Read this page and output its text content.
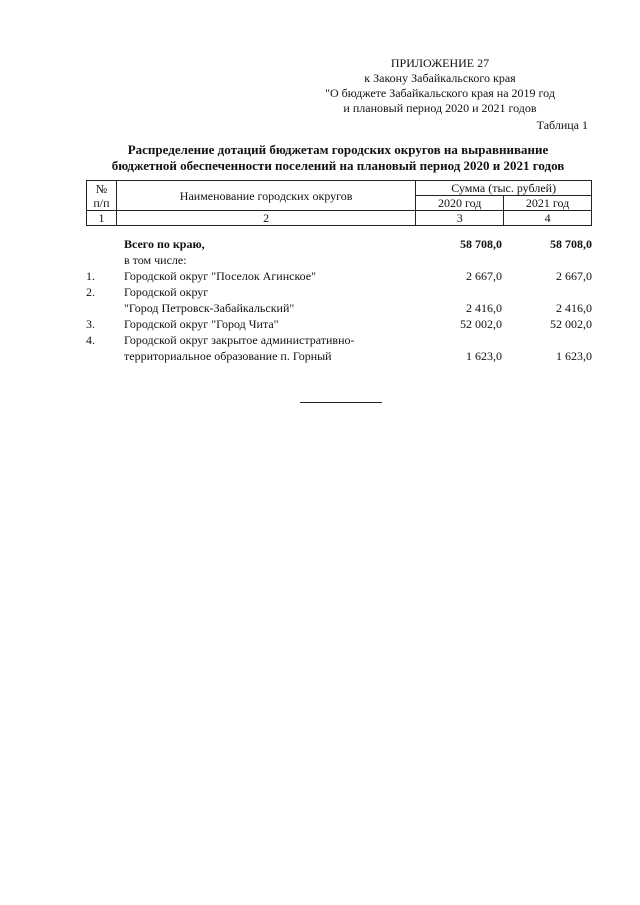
ПРИЛОЖЕНИЕ 27
к Закону Забайкальского края
"О бюджете Забайкальского края на 2019 год
и плановый период 2020 и 2021 годов
Таблица 1
Распределение дотаций бюджетам городских округов на выравнивание
бюджетной обеспеченности поселений на плановый период 2020 и 2021 годов
№
п/п	Наименование городских округов	Сумма (тыс. рублей)	
		2020 год	2021 год
1	2	3	4
Всего по краю,	58 708,0	58 708,0
в том числе:
1.	Городской округ "Поселок Агинское"	2 667,0	2 667,0
2.	Городской округ
"Город Петровск-Забайкальский"	2 416,0	2 416,0
3.	Городской округ "Город Чита"	52 002,0	52 002,0
4.	Городской округ закрытое административно-
территориальное образование п. Горный	1 623,0	1 623,0
